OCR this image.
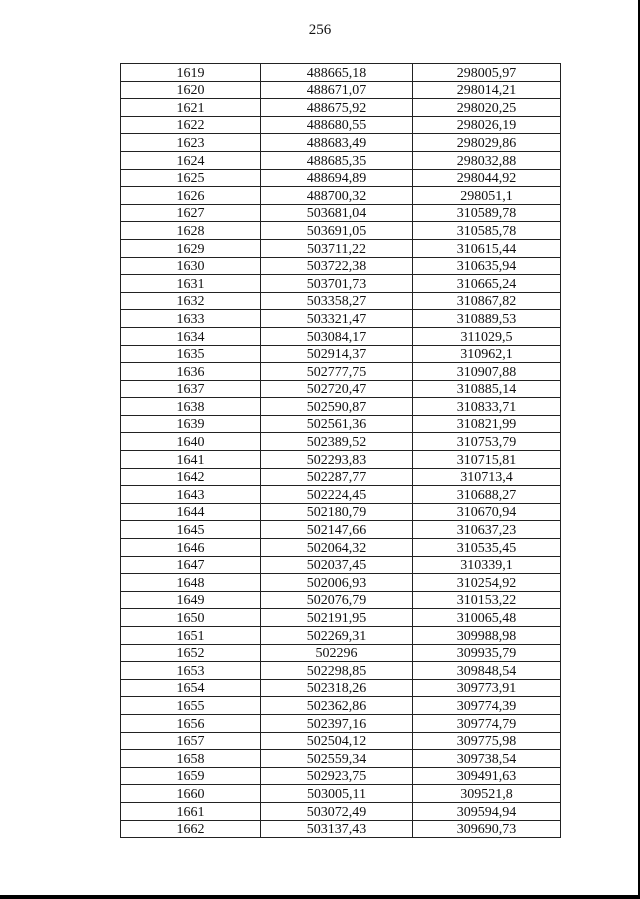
256
1619	488665,18	298005,97
1620	488671,07	298014,21
1621	488675,92	298020,25
1622	488680,55	298026,19
1623	488683,49	298029,86
1624	488685,35	298032,88
1625	488694,89	298044,92
1626	488700,32	298051,1
1627	503681,04	310589,78
1628	503691,05	310585,78
1629	503711,22	310615,44
1630	503722,38	310635,94
1631	503701,73	310665,24
1632	503358,27	310867,82
1633	503321,47	310889,53
1634	503084,17	311029,5
1635	502914,37	310962,1
1636	502777,75	310907,88
1637	502720,47	310885,14
1638	502590,87	310833,71
1639	502561,36	310821,99
1640	502389,52	310753,79
1641	502293,83	310715,81
1642	502287,77	310713,4
1643	502224,45	310688,27
1644	502180,79	310670,94
1645	502147,66	310637,23
1646	502064,32	310535,45
1647	502037,45	310339,1
1648	502006,93	310254,92
1649	502076,79	310153,22
1650	502191,95	310065,48
1651	502269,31	309988,98
1652	502296	309935,79
1653	502298,85	309848,54
1654	502318,26	309773,91
1655	502362,86	309774,39
1656	502397,16	309774,79
1657	502504,12	309775,98
1658	502559,34	309738,54
1659	502923,75	309491,63
1660	503005,11	309521,8
1661	503072,49	309594,94
1662	503137,43	309690,73
